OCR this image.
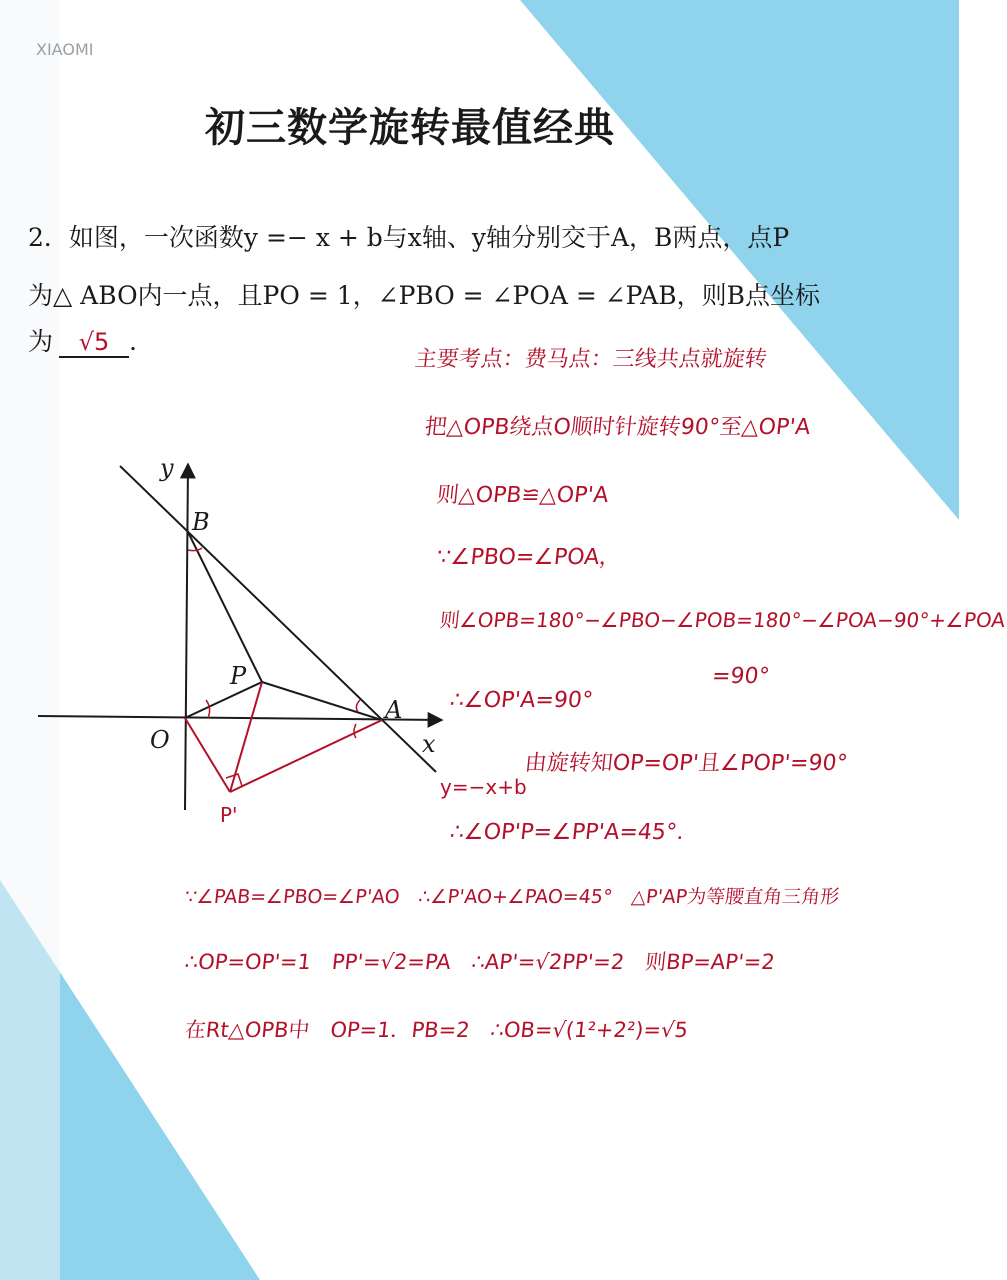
XIAOMI
初三数学旋转最值经典
2．如图，一次函数y =− x + b与x轴、y轴分别交于A，B两点，点P
为△ ABO内一点，且PO = 1，∠PBO = ∠POA = ∠PAB，则B点坐标
为 √5 .
主要考点：费马点：三线共点就旋转
把△OPB绕点O顺时针旋转90°至△OP'A
则△OPB≌△OP'A
∵∠PBO=∠POA，
则∠OPB=180°−∠PBO−∠POB=180°−∠POA−90°+∠POA
=90°
∴∠OP'A=90°
由旋转知OP=OP'且∠POP'=90°
∴∠OP'P=∠PP'A=45°.
∵∠PAB=∠PBO=∠P'AO　∴∠P'AO+∠PAO=45°　△P'AP为等腰直角三角形
∴OP=OP'=1　PP'=√2=PA　∴AP'=√2PP'=2　则BP=AP'=2
在Rt△OPB中　OP=1．PB=2　∴OB=√(1²+2²)=√5
y
B
P
O
A
x
P'
y=−x+b
